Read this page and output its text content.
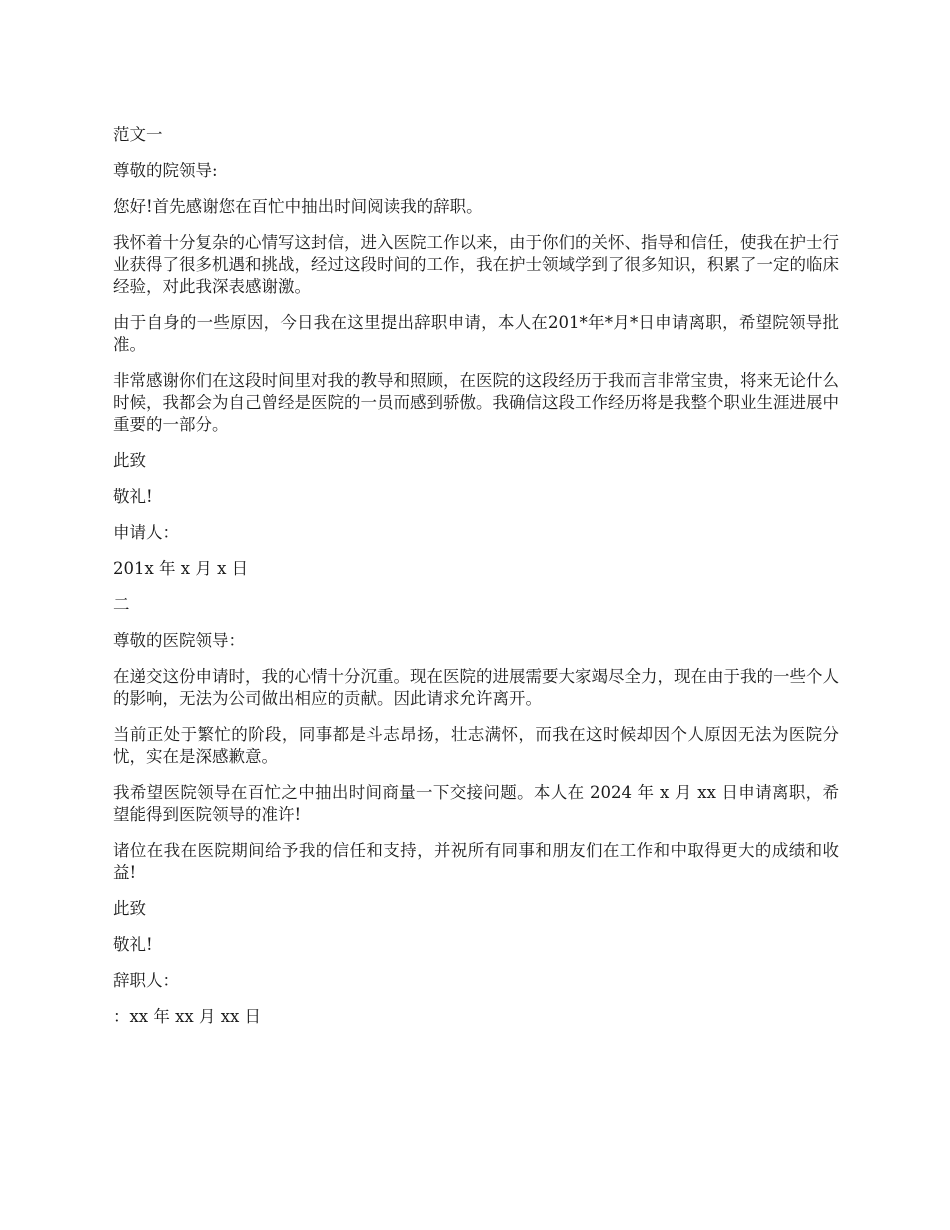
范文一

尊敬的院领导:

您好!首先感谢您在百忙中抽出时间阅读我的辞职。

我怀着十分复杂的心情写这封信，进入医院工作以来，由于你们的关怀、指导和信任，使我在护士行业获得了很多机遇和挑战，经过这段时间的工作，我在护士领域学到了很多知识，积累了一定的临床经验，对此我深表感谢激。

由于自身的一些原因，今日我在这里提出辞职申请，本人在201*年*月*日申请离职，希望院领导批准。

非常感谢你们在这段时间里对我的教导和照顾，在医院的这段经历于我而言非常宝贵，将来无论什么时候，我都会为自己曾经是医院的一员而感到骄傲。我确信这段工作经历将是我整个职业生涯进展中重要的一部分。

此致

敬礼!

申请人：

201x 年 x 月 x 日

二

尊敬的医院领导：

在递交这份申请时，我的心情十分沉重。现在医院的进展需要大家竭尽全力，现在由于我的一些个人的影响，无法为公司做出相应的贡献。因此请求允许离开。

当前正处于繁忙的阶段，同事都是斗志昂扬，壮志满怀，而我在这时候却因个人原因无法为医院分忧，实在是深感歉意。

我希望医院领导在百忙之中抽出时间商量一下交接问题。本人在 2024 年 x 月 xx 日申请离职，希望能得到医院领导的准许!

诸位在我在医院期间给予我的信任和支持，并祝所有同事和朋友们在工作和中取得更大的成绩和收益!

此致

敬礼!

辞职人：

：xx 年 xx 月 xx 日
